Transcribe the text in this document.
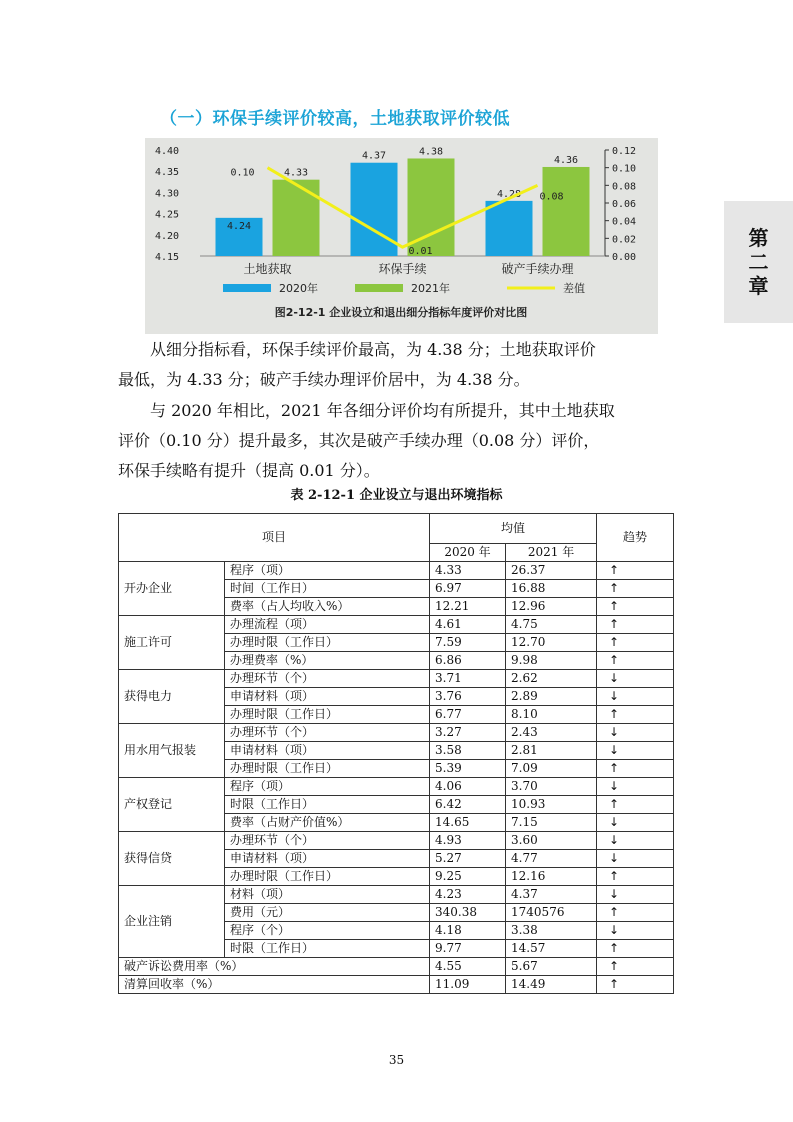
第
二
章
（一）环保手续评价较高，土地获取评价较低
4.15
4.20
4.25
4.30
4.35
4.40
0.00
0.02
0.04
0.06
0.08
0.10
0.12
4.24
4.33
土地获取
4.37	4.38
环保手续
4.28
4.36
破产手续办理
0.10
0.01
0.08
2020年	2021年	差值
图2-12-1 企业设立和退出细分指标年度评价对比图
从细分指标看，环保手续评价最高，为 4.38 分；土地获取评价
最低，为 4.33 分；破产手续办理评价居中，为 4.38 分。
与 2020 年相比，2021 年各细分评价均有所提升，其中土地获取
评价（0.10 分）提升最多，其次是破产手续办理（0.08 分）评价，
环保手续略有提升（提高 0.01 分）。
表 2-12-1 企业设立与退出环境指标
项目		均值		趋势
		2020 年	2021 年	
开办企业	程序（项）	4.33	26.37	↑
	时间（工作日）	6.97	16.88	↑
	费率（占人均收入%）	12.21	12.96	↑
施工许可	办理流程（项）	4.61	4.75	↑
	办理时限（工作日）	7.59	12.70	↑
	办理费率（%）	6.86	9.98	↑
获得电力	办理环节（个）	3.71	2.62	↓
	申请材料（项）	3.76	2.89	↓
	办理时限（工作日）	6.77	8.10	↑
用水用气报装	办理环节（个）	3.27	2.43	↓
	申请材料（项）	3.58	2.81	↓
	办理时限（工作日）	5.39	7.09	↑
产权登记	程序（项）	4.06	3.70	↓
	时限（工作日）	6.42	10.93	↑
	费率（占财产价值%）	14.65	7.15	↓
获得信贷	办理环节（个）	4.93	3.60	↓
	申请材料（项）	5.27	4.77	↓
	办理时限（工作日）	9.25	12.16	↑
企业注销	材料（项）	4.23	4.37	↓
	费用（元）	340.38	1740576	↑
	程序（个）	4.18	3.38	↓
	时限（工作日）	9.77	14.57	↑
破产诉讼费用率（%）		4.55	5.67	↑
清算回收率（%）		11.09	14.49	↑
35
